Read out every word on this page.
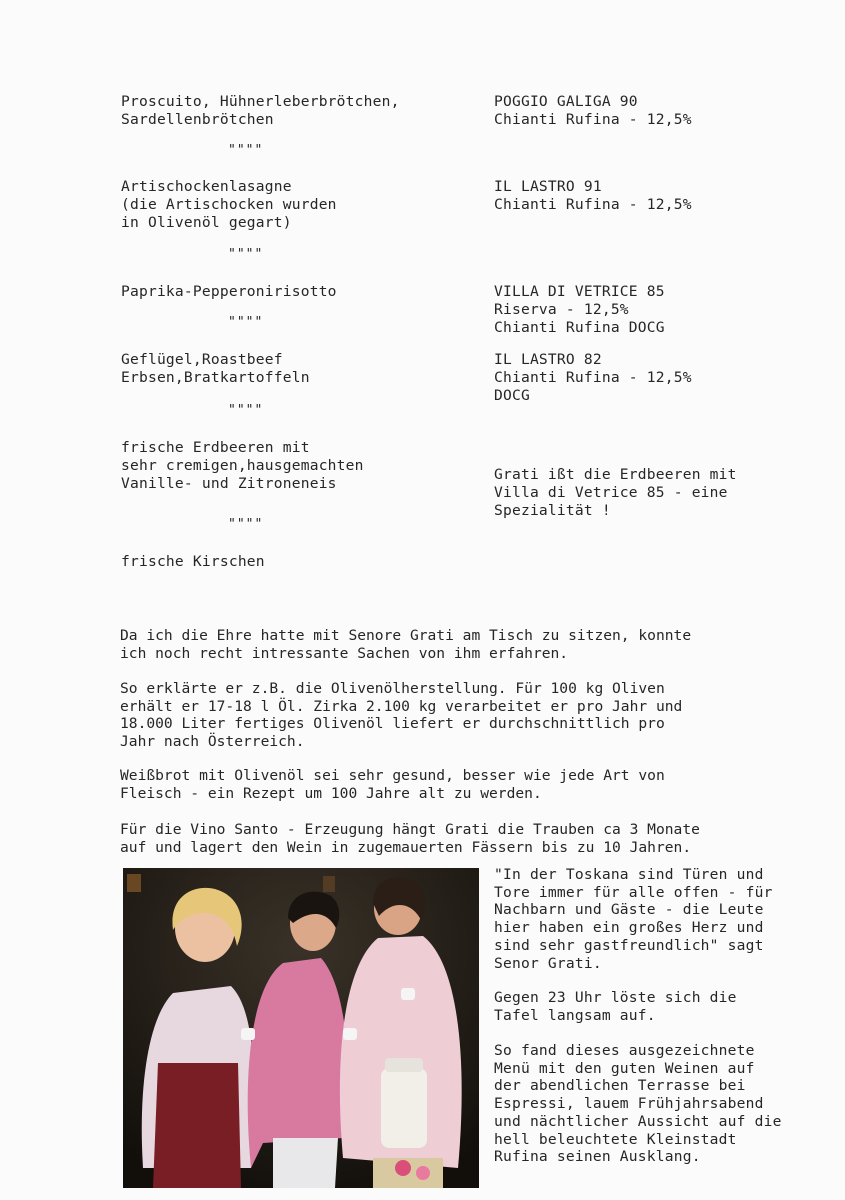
Proscuito, Hühnerleberbrötchen,
Sardellenbrötchen
POGGIO GALIGA 90
Chianti Rufina - 12,5%
""""
Artischockenlasagne
(die Artischocken wurden
in Olivenöl gegart)
IL LASTRO 91
Chianti Rufina - 12,5%
""""
Paprika-Pepperonirisotto	VILLA DI VETRICE 85
Riserva - 12,5%
Chianti Rufina DOCG
""""
Geflügel,Roastbeef
Erbsen,Bratkartoffeln
IL LASTRO 82
Chianti Rufina - 12,5%
DOCG
""""
frische Erdbeeren mit
sehr cremigen,hausgemachten
Vanille- und Zitroneneis
Grati ißt die Erdbeeren mit
Villa di Vetrice 85 - eine
Spezialität !
""""
frische Kirschen
Da ich die Ehre hatte mit Senore Grati am Tisch zu sitzen, konnte
ich noch recht intressante Sachen von ihm erfahren.
So erklärte er z.B. die Olivenölherstellung. Für 100 kg Oliven
erhält er 17-18 l Öl. Zirka 2.100 kg verarbeitet er pro Jahr und
18.000 Liter fertiges Olivenöl liefert er durchschnittlich pro
Jahr nach Österreich.
Weißbrot mit Olivenöl sei sehr gesund, besser wie jede Art von
Fleisch - ein Rezept um 100 Jahre alt zu werden.
Für die Vino Santo - Erzeugung hängt Grati die Trauben ca 3 Monate
auf und lagert den Wein in zugemauerten Fässern bis zu 10 Jahren.
"In der Toskana sind Türen und
Tore immer für alle offen - für
Nachbarn und Gäste - die Leute
hier haben ein großes Herz und
sind sehr gastfreundlich" sagt
Senor Grati.
Gegen 23 Uhr löste sich die
Tafel langsam auf.
So fand dieses ausgezeichnete
Menü mit den guten Weinen auf
der abendlichen Terrasse bei
Espressi, lauem Frühjahrsabend
und nächtlicher Aussicht auf die
hell beleuchtete Kleinstadt
Rufina seinen Ausklang.
